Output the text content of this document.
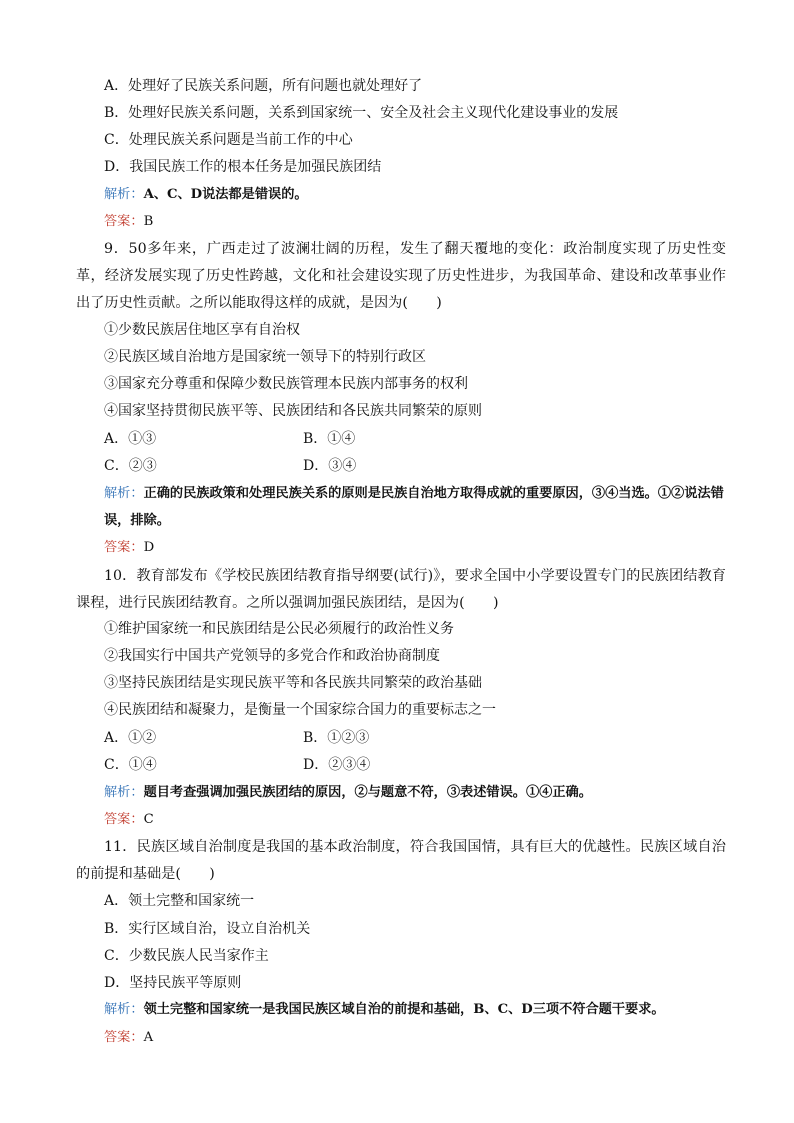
A．处理好了民族关系问题，所有问题也就处理好了
B．处理好民族关系问题，关系到国家统一、安全及社会主义现代化建设事业的发展
C．处理民族关系问题是当前工作的中心
D．我国民族工作的根本任务是加强民族团结
解析：A、C、D说法都是错误的。
答案：B
9．50多年来，广西走过了波澜壮阔的历程，发生了翻天覆地的变化：政治制度实现了历史性变革，经济发展实现了历史性跨越，文化和社会建设实现了历史性进步，为我国革命、建设和改革事业作出了历史性贡献。之所以能取得这样的成就，是因为(　　)
①少数民族居住地区享有自治权
②民族区域自治地方是国家统一领导下的特别行政区
③国家充分尊重和保障少数民族管理本民族内部事务的权利
④国家坚持贯彻民族平等、民族团结和各民族共同繁荣的原则
A．①③	B．①④
C．②③	D．③④
解析：正确的民族政策和处理民族关系的原则是民族自治地方取得成就的重要原因，③④当选。①②说法错误，排除。
答案：D
10．教育部发布《学校民族团结教育指导纲要(试行)》，要求全国中小学要设置专门的民族团结教育课程，进行民族团结教育。之所以强调加强民族团结，是因为(　　)
①维护国家统一和民族团结是公民必须履行的政治性义务
②我国实行中国共产党领导的多党合作和政治协商制度
③坚持民族团结是实现民族平等和各民族共同繁荣的政治基础
④民族团结和凝聚力，是衡量一个国家综合国力的重要标志之一
A．①②	B．①②③
C．①④	D．②③④
解析：题目考查强调加强民族团结的原因，②与题意不符，③表述错误。①④正确。
答案：C
11．民族区域自治制度是我国的基本政治制度，符合我国国情，具有巨大的优越性。民族区域自治的前提和基础是(　　)
A．领土完整和国家统一
B．实行区域自治，设立自治机关
C．少数民族人民当家作主
D．坚持民族平等原则
解析：领土完整和国家统一是我国民族区域自治的前提和基础，B、C、D三项不符合题干要求。
答案：A
